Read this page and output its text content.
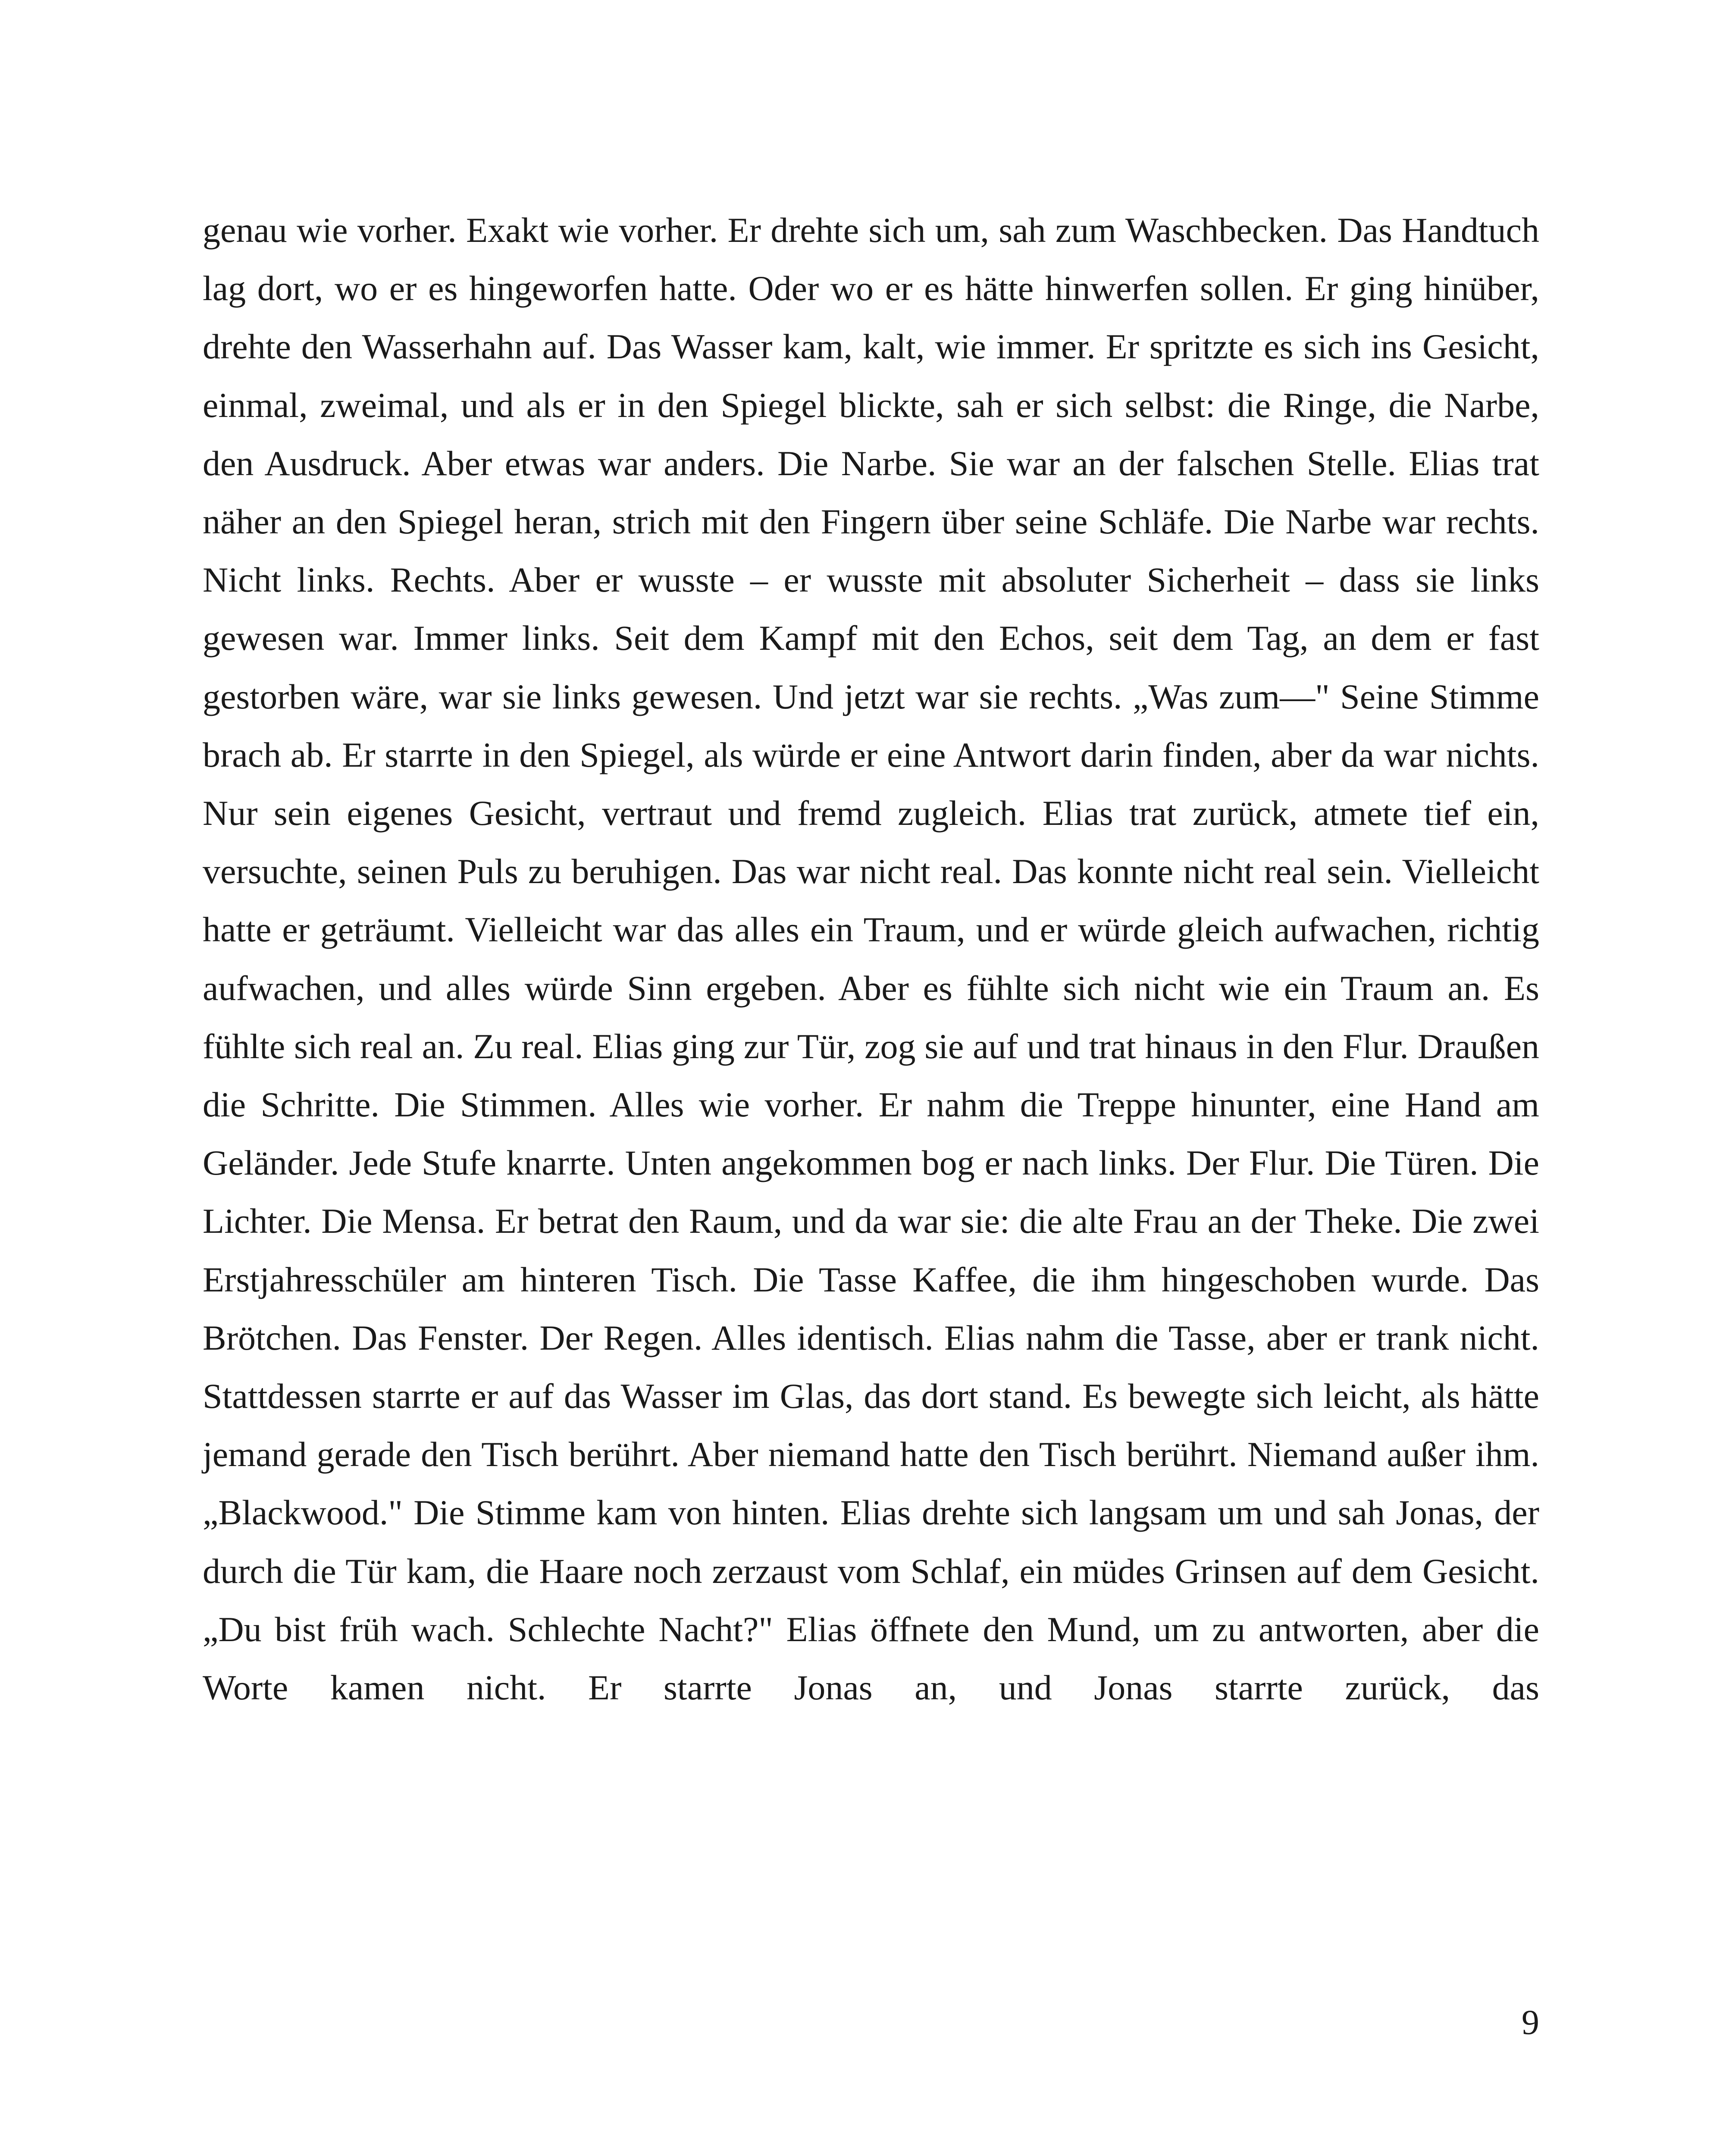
genau wie vorher. Exakt wie vorher. Er drehte sich um, sah zum Waschbecken. Das Handtuch lag dort, wo er es hingeworfen hatte. Oder wo er es hätte hinwerfen sollen. Er ging hinüber, drehte den Wasserhahn auf. Das Wasser kam, kalt, wie immer. Er spritzte es sich ins Gesicht, einmal, zweimal, und als er in den Spiegel blickte, sah er sich selbst: die Ringe, die Narbe, den Ausdruck. Aber etwas war anders. Die Narbe. Sie war an der falschen Stelle. Elias trat näher an den Spiegel heran, strich mit den Fingern über seine Schläfe. Die Narbe war rechts. Nicht links. Rechts. Aber er wusste – er wusste mit absoluter Sicherheit – dass sie links gewesen war. Immer links. Seit dem Kampf mit den Echos, seit dem Tag, an dem er fast gestorben wäre, war sie links gewesen. Und jetzt war sie rechts. „Was zum—" Seine Stimme brach ab. Er starrte in den Spiegel, als würde er eine Antwort darin finden, aber da war nichts. Nur sein eigenes Gesicht, vertraut und fremd zugleich. Elias trat zurück, atmete tief ein, versuchte, seinen Puls zu beruhigen. Das war nicht real. Das konnte nicht real sein. Vielleicht hatte er geträumt. Vielleicht war das alles ein Traum, und er würde gleich aufwachen, richtig aufwachen, und alles würde Sinn ergeben. Aber es fühlte sich nicht wie ein Traum an. Es fühlte sich real an. Zu real. Elias ging zur Tür, zog sie auf und trat hinaus in den Flur. Draußen die Schritte. Die Stimmen. Alles wie vorher. Er nahm die Treppe hinunter, eine Hand am Geländer. Jede Stufe knarrte. Unten angekommen bog er nach links. Der Flur. Die Türen. Die Lichter. Die Mensa. Er betrat den Raum, und da war sie: die alte Frau an der Theke. Die zwei Erstjahresschüler am hinteren Tisch. Die Tasse Kaffee, die ihm hingeschoben wurde. Das Brötchen. Das Fenster. Der Regen. Alles identisch. Elias nahm die Tasse, aber er trank nicht. Stattdessen starrte er auf das Wasser im Glas, das dort stand. Es bewegte sich leicht, als hätte jemand gerade den Tisch berührt. Aber niemand hatte den Tisch berührt. Niemand außer ihm. „Blackwood." Die Stimme kam von hinten. Elias drehte sich langsam um und sah Jonas, der durch die Tür kam, die Haare noch zerzaust vom Schlaf, ein müdes Grinsen auf dem Gesicht. „Du bist früh wach. Schlechte Nacht?" Elias öffnete den Mund, um zu antworten, aber die Worte kamen nicht. Er starrte Jonas an, und Jonas starrte zurück, das

9
